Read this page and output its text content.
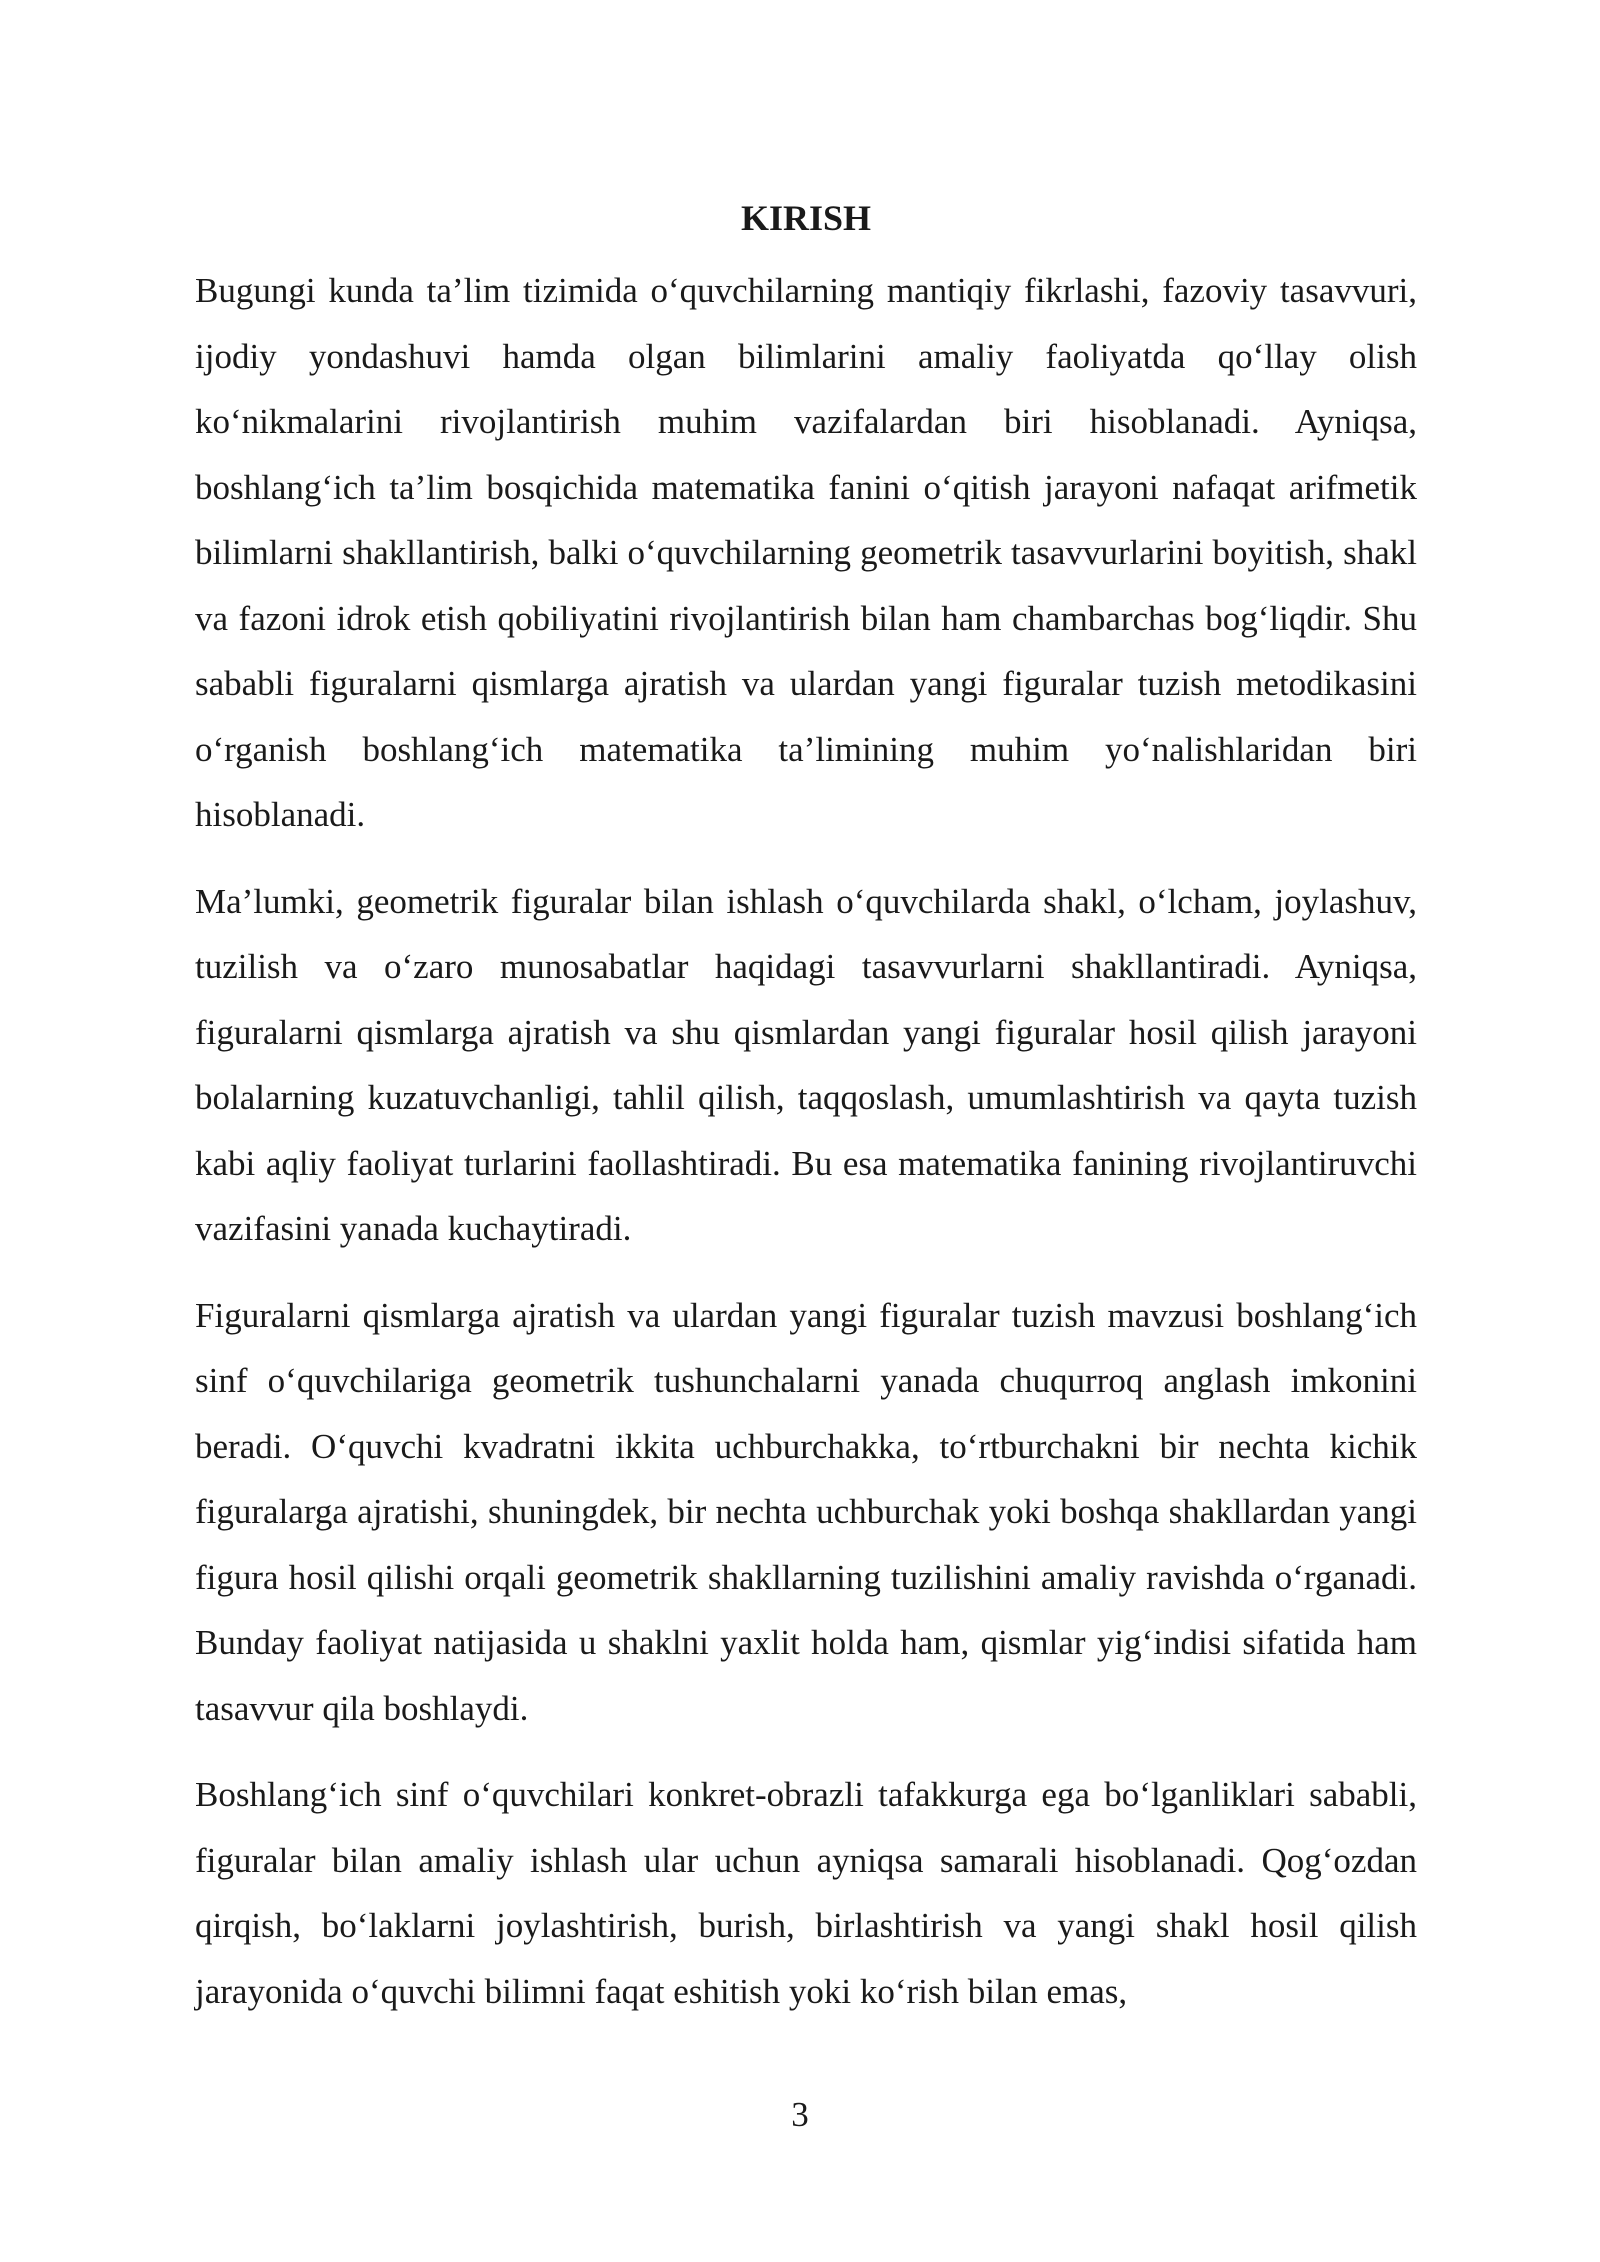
KIRISH

Bugungi kunda ta’lim tizimida o‘quvchilarning mantiqiy fikrlashi, fazoviy tasavvuri, ijodiy yondashuvi hamda olgan bilimlarini amaliy faoliyatda qo‘llay olish ko‘nikmalarini rivojlantirish muhim vazifalardan biri hisoblanadi. Ayniqsa, boshlang‘ich ta’lim bosqichida matematika fanini o‘qitish jarayoni nafaqat arifmetik bilimlarni shakllantirish, balki o‘quvchilarning geometrik tasavvurlarini boyitish, shakl va fazoni idrok etish qobiliyatini rivojlantirish bilan ham chambarchas bog‘liqdir. Shu sababli figuralarni qismlarga ajratish va ulardan yangi figuralar tuzish metodikasini o‘rganish boshlang‘ich matematika ta’limining muhim yo‘nalishlaridan biri hisoblanadi.

Ma’lumki, geometrik figuralar bilan ishlash o‘quvchilarda shakl, o‘lcham, joylashuv, tuzilish va o‘zaro munosabatlar haqidagi tasavvurlarni shakllantiradi. Ayniqsa, figuralarni qismlarga ajratish va shu qismlardan yangi figuralar hosil qilish jarayoni bolalarning kuzatuvchanligi, tahlil qilish, taqqoslash, umumlashtirish va qayta tuzish kabi aqliy faoliyat turlarini faollashtiradi. Bu esa matematika fanining rivojlantiruvchi vazifasini yanada kuchaytiradi.

Figuralarni qismlarga ajratish va ulardan yangi figuralar tuzish mavzusi boshlang‘ich sinf o‘quvchilariga geometrik tushunchalarni yanada chuqurroq anglash imkonini beradi. O‘quvchi kvadratni ikkita uchburchakka, to‘rtburchakni bir nechta kichik figuralarga ajratishi, shuningdek, bir nechta uchburchak yoki boshqa shakllardan yangi figura hosil qilishi orqali geometrik shakllarning tuzilishini amaliy ravishda o‘rganadi. Bunday faoliyat natijasida u shaklni yaxlit holda ham, qismlar yig‘indisi sifatida ham tasavvur qila boshlaydi.

Boshlang‘ich sinf o‘quvchilari konkret-obrazli tafakkurga ega bo‘lganliklari sababli, figuralar bilan amaliy ishlash ular uchun ayniqsa samarali hisoblanadi. Qog‘ozdan qirqish, bo‘laklarni joylashtirish, burish, birlashtirish va yangi shakl hosil qilish jarayonida o‘quvchi bilimni faqat eshitish yoki ko‘rish bilan emas,

3
